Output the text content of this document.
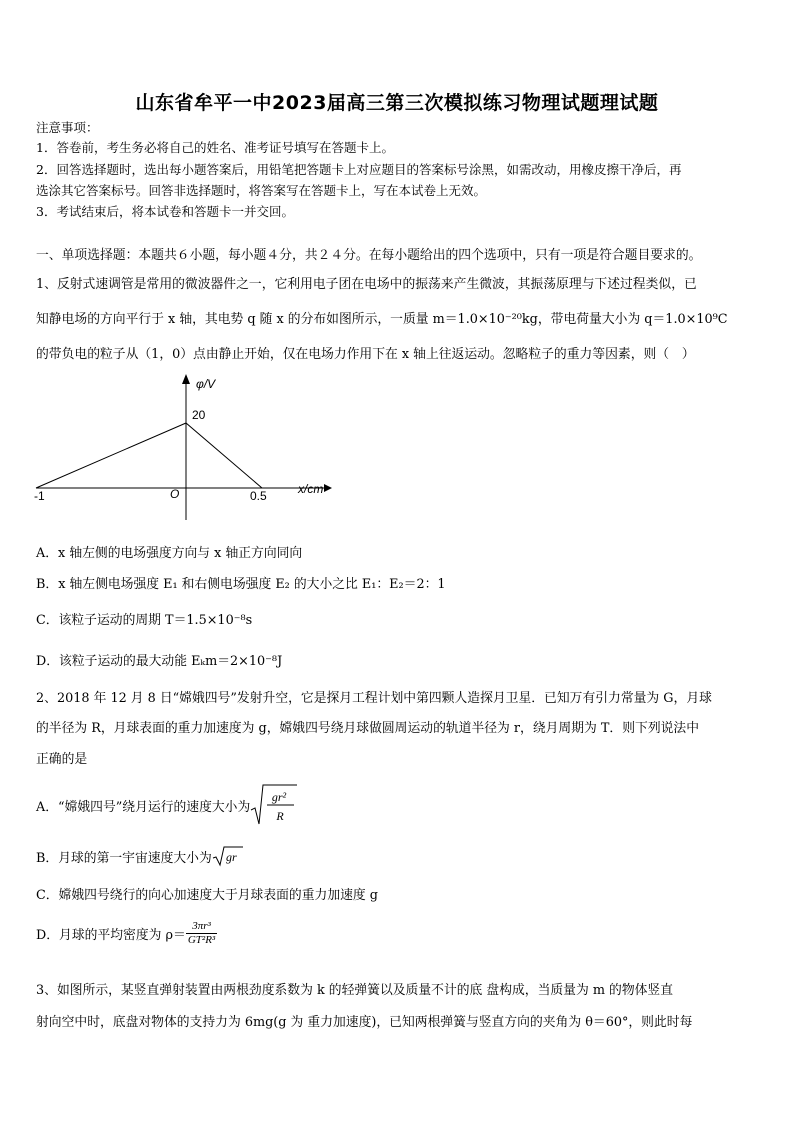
山东省牟平一中2023届高三第三次模拟练习物理试题理试题
注意事项：
1．答卷前，考生务必将自己的姓名、准考证号填写在答题卡上。
2．回答选择题时，选出每小题答案后，用铅笔把答题卡上对应题目的答案标号涂黑，如需改动，用橡皮擦干净后，再
选涂其它答案标号。回答非选择题时，将答案写在答题卡上，写在本试卷上无效。
3．考试结束后，将本试卷和答题卡一并交回。
一、单项选择题：本题共６小题，每小题４分，共２４分。在每小题给出的四个选项中，只有一项是符合题目要求的。
1、反射式速调管是常用的微波器件之一，它利用电子团在电场中的振荡来产生微波，其振荡原理与下述过程类似，已
知静电场的方向平行于 x 轴，其电势 q 随 x 的分布如图所示，一质量 m＝1.0×10⁻²⁰kg，带电荷量大小为 q＝1.0×10⁹C
的带负电的粒子从（1，0）点由静止开始，仅在电场力作用下在 x 轴上往返运动。忽略粒子的重力等因素，则（　）
φ/V
x/cm
20
O
-1	0.5
A．x 轴左侧的电场强度方向与 x 轴正方向同向
B．x 轴左侧电场强度 E₁ 和右侧电场强度 E₂ 的大小之比 E₁：E₂＝2：1
C．该粒子运动的周期 T＝1.5×10⁻⁸s
D．该粒子运动的最大动能 Eₖm＝2×10⁻⁸J
2、2018 年 12 月 8 日“嫦娥四号”发射升空，它是探月工程计划中第四颗人造探月卫星．已知万有引力常量为 G，月球
的半径为 R，月球表面的重力加速度为 g，嫦娥四号绕月球做圆周运动的轨道半径为 r，绕月周期为 T．则下列说法中
正确的是
A．“嫦娥四号”绕月运行的速度大小为
gr²
R
B．月球的第一宇宙速度大小为 gr
C．嫦娥四号绕行的向心加速度大于月球表面的重力加速度 g
D．月球的平均密度为 $\rho= \frac{\text{3πr³}}{\text{GT²R³}}$
3、如图所示，某竖直弹射装置由两根劲度系数为 k 的轻弹簧以及质量不计的底 盘构成，当质量为 m 的物体竖直
射向空中时，底盘对物体的支持力为 6mg(g 为 重力加速度)，已知两根弹簧与竖直方向的夹角为 θ＝60°，则此时每
